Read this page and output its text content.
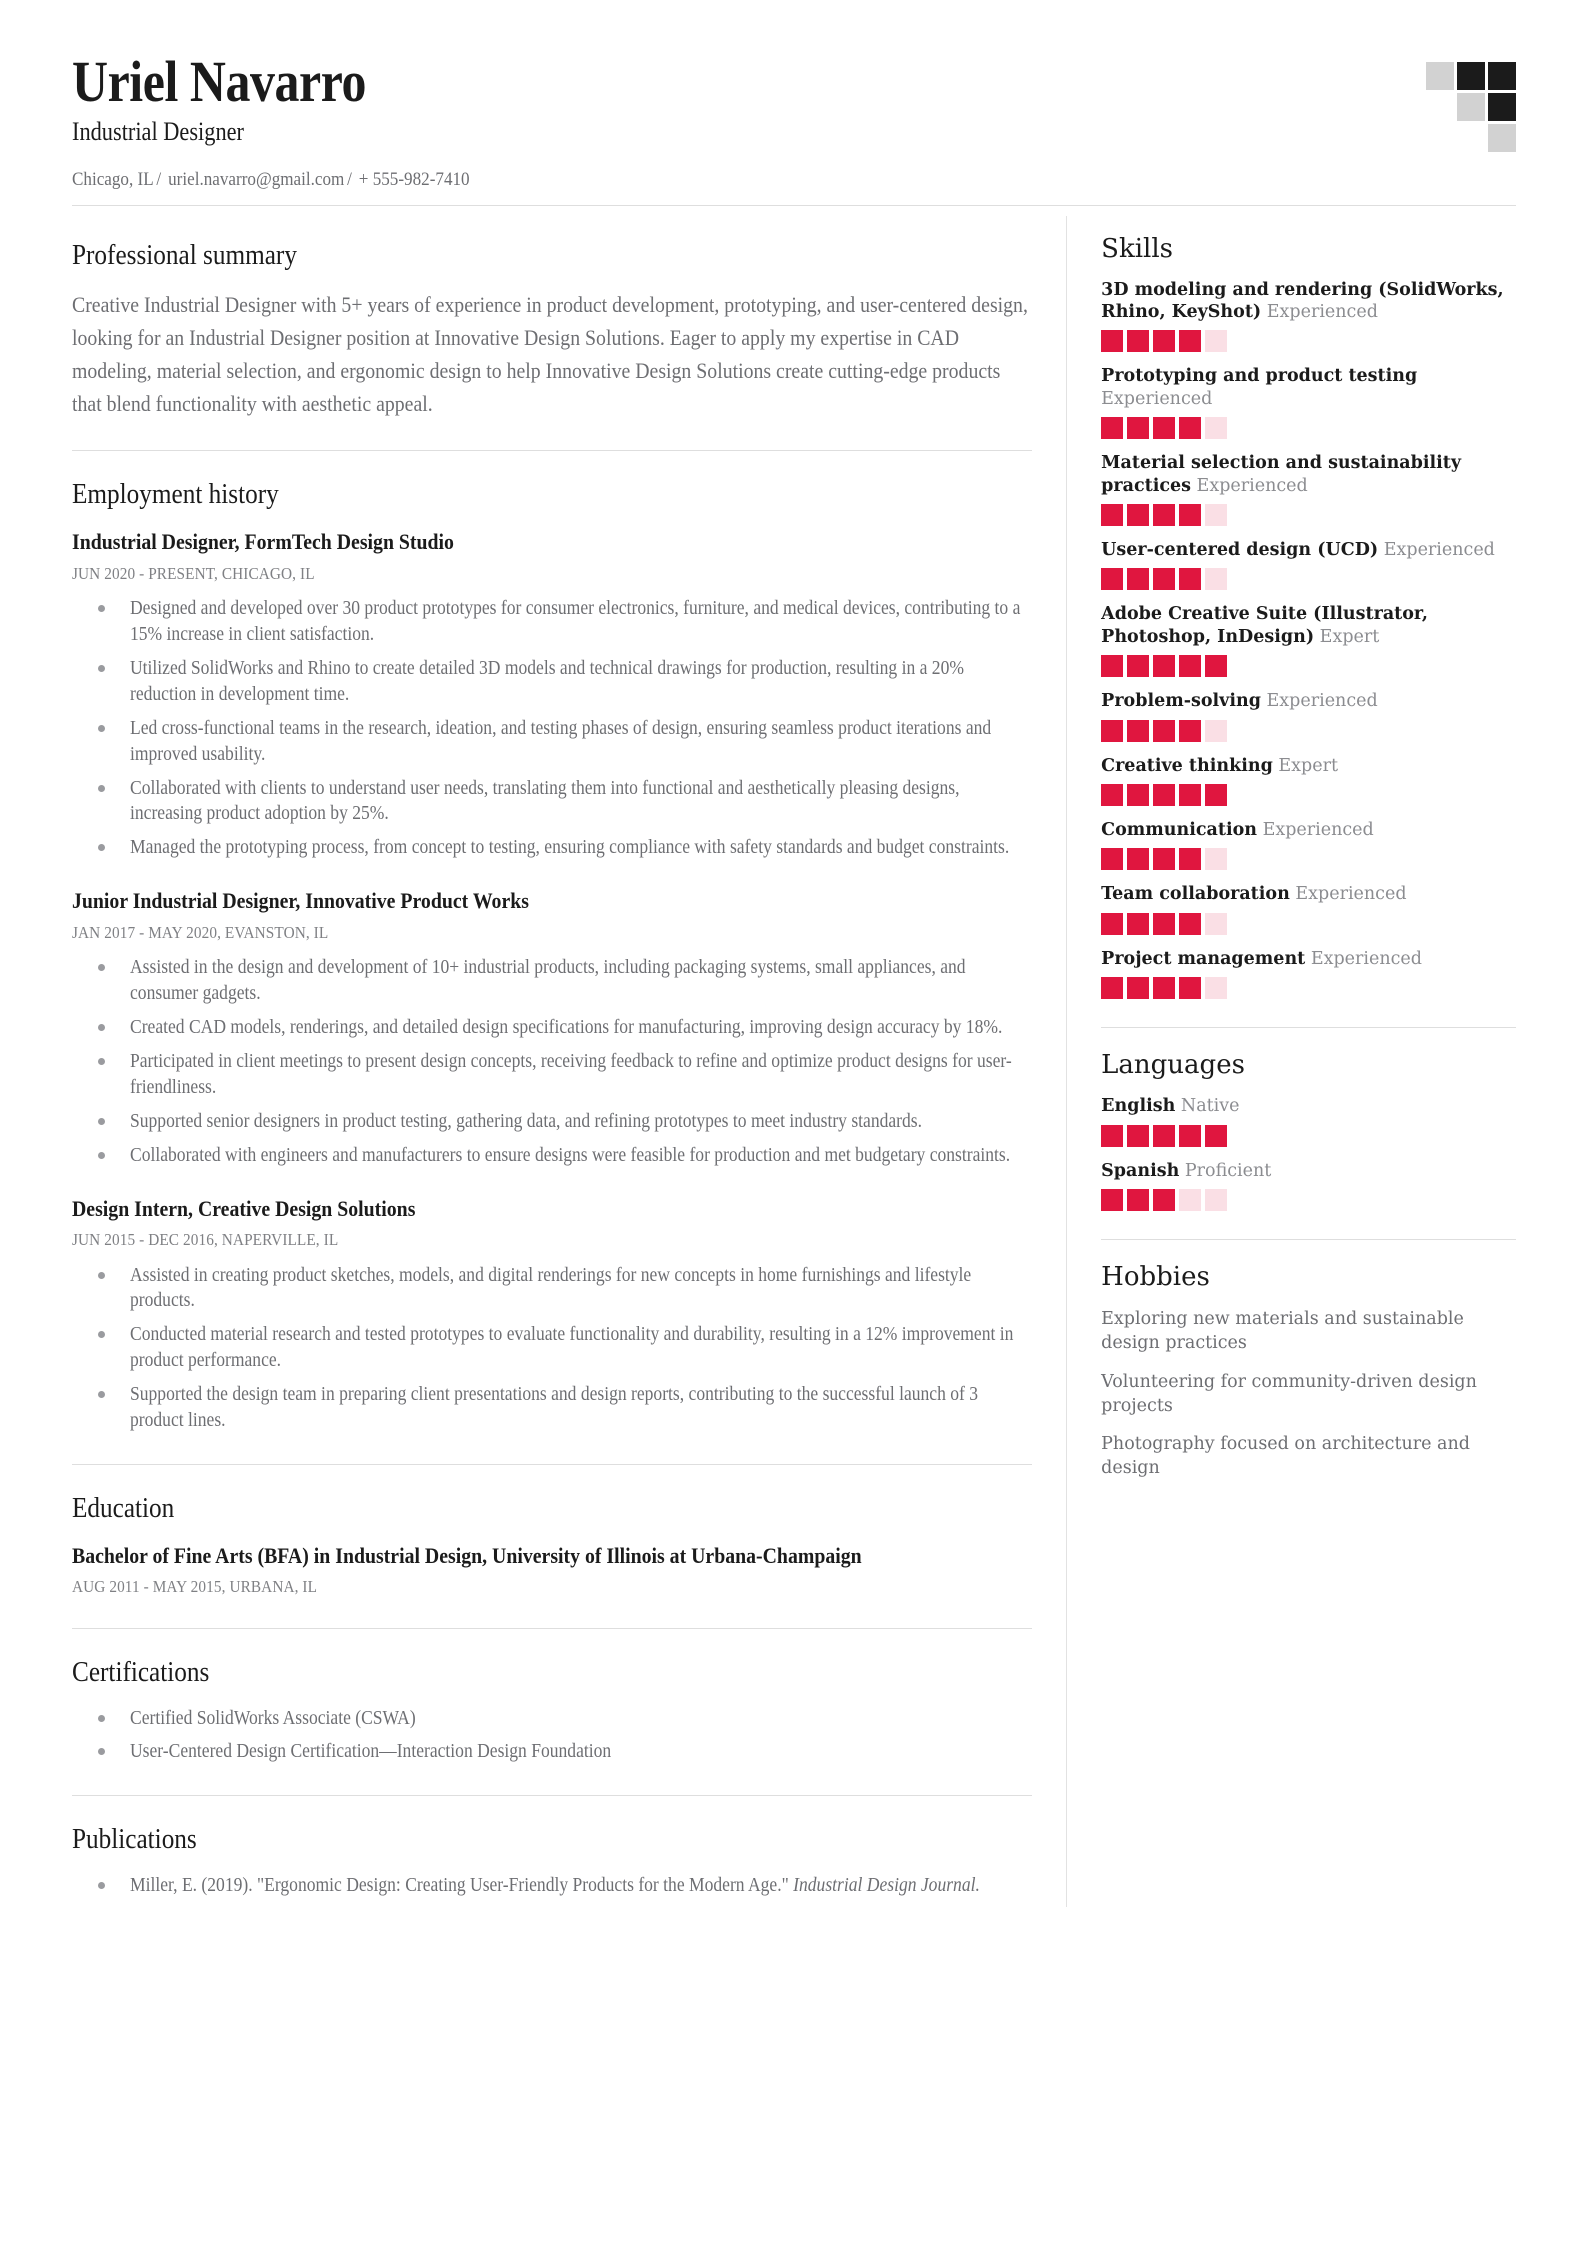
Uriel Navarro
Industrial Designer
Chicago, IL / uriel.navarro@gmail.com / + 555-982-7410
Professional summary
Creative Industrial Designer with 5+ years of experience in product development, prototyping, and user-centered design, looking for an Industrial Designer position at Innovative Design Solutions. Eager to apply my expertise in CAD modeling, material selection, and ergonomic design to help Innovative Design Solutions create cutting-edge products that blend functionality with aesthetic appeal.
Employment history
Industrial Designer, FormTech Design Studio
JUN 2020 - PRESENT, CHICAGO, IL
Designed and developed over 30 product prototypes for consumer electronics, furniture, and medical devices, contributing to a 15% increase in client satisfaction.
Utilized SolidWorks and Rhino to create detailed 3D models and technical drawings for production, resulting in a 20% reduction in development time.
Led cross-functional teams in the research, ideation, and testing phases of design, ensuring seamless product iterations and improved usability.
Collaborated with clients to understand user needs, translating them into functional and aesthetically pleasing designs, increasing product adoption by 25%.
Managed the prototyping process, from concept to testing, ensuring compliance with safety standards and budget constraints.
Junior Industrial Designer, Innovative Product Works
JAN 2017 - MAY 2020, EVANSTON, IL
Assisted in the design and development of 10+ industrial products, including packaging systems, small appliances, and consumer gadgets.
Created CAD models, renderings, and detailed design specifications for manufacturing, improving design accuracy by 18%.
Participated in client meetings to present design concepts, receiving feedback to refine and optimize product designs for user-friendliness.
Supported senior designers in product testing, gathering data, and refining prototypes to meet industry standards.
Collaborated with engineers and manufacturers to ensure designs were feasible for production and met budgetary constraints.
Design Intern, Creative Design Solutions
JUN 2015 - DEC 2016, NAPERVILLE, IL
Assisted in creating product sketches, models, and digital renderings for new concepts in home furnishings and lifestyle products.
Conducted material research and tested prototypes to evaluate functionality and durability, resulting in a 12% improvement in product performance.
Supported the design team in preparing client presentations and design reports, contributing to the successful launch of 3 product lines.
Education
Bachelor of Fine Arts (BFA) in Industrial Design, University of Illinois at Urbana-Champaign
AUG 2011 - MAY 2015, URBANA, IL
Certifications
Certified SolidWorks Associate (CSWA)
User-Centered Design Certification—Interaction Design Foundation
Publications
Miller, E. (2019). "Ergonomic Design: Creating User-Friendly Products for the Modern Age." Industrial Design Journal.
Skills
3D modeling and rendering (SolidWorks, Rhino, KeyShot) Experienced
Prototyping and product testing Experienced
Material selection and sustainability practices Experienced
User-centered design (UCD) Experienced
Adobe Creative Suite (Illustrator, Photoshop, InDesign) Expert
Problem-solving Experienced
Creative thinking Expert
Communication Experienced
Team collaboration Experienced
Project management Experienced
Languages
English Native
Spanish Proficient
Hobbies
Exploring new materials and sustainable design practices
Volunteering for community-driven design projects
Photography focused on architecture and design
